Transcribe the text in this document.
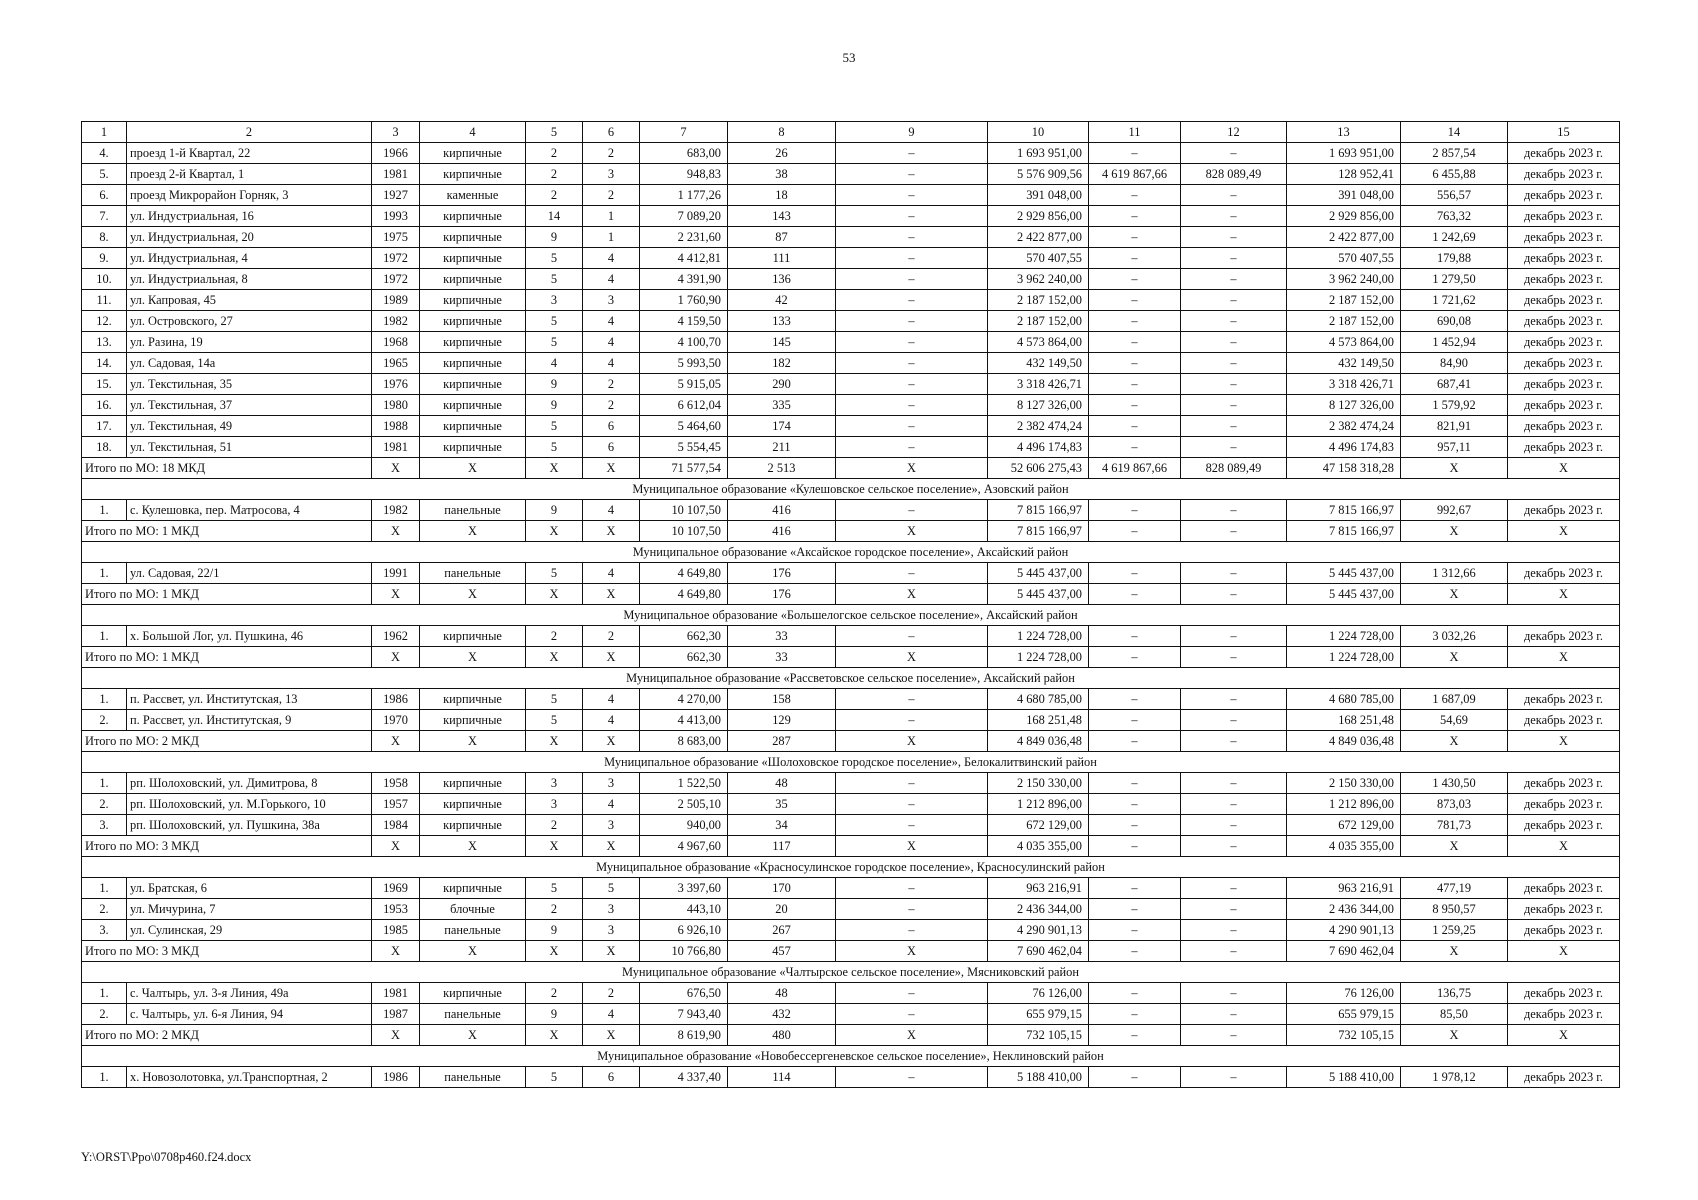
53
1	2	3	4	5	6	7	8	9	10	11	12	13	14	15
4.	проезд 1-й Квартал, 22	1966	кирпичные	2	2	683,00	26	–	1 693 951,00	–	–	1 693 951,00	2 857,54	декабрь 2023 г.
5.	проезд 2-й Квартал, 1	1981	кирпичные	2	3	948,83	38	–	5 576 909,56	4 619 867,66	828 089,49	128 952,41	6 455,88	декабрь 2023 г.
6.	проезд Микрорайон Горняк, 3	1927	каменные	2	2	1 177,26	18	–	391 048,00	–	–	391 048,00	556,57	декабрь 2023 г.
7.	ул. Индустриальная, 16	1993	кирпичные	14	1	7 089,20	143	–	2 929 856,00	–	–	2 929 856,00	763,32	декабрь 2023 г.
8.	ул. Индустриальная, 20	1975	кирпичные	9	1	2 231,60	87	–	2 422 877,00	–	–	2 422 877,00	1 242,69	декабрь 2023 г.
9.	ул. Индустриальная, 4	1972	кирпичные	5	4	4 412,81	111	–	570 407,55	–	–	570 407,55	179,88	декабрь 2023 г.
10.	ул. Индустриальная, 8	1972	кирпичные	5	4	4 391,90	136	–	3 962 240,00	–	–	3 962 240,00	1 279,50	декабрь 2023 г.
11.	ул. Капровая, 45	1989	кирпичные	3	3	1 760,90	42	–	2 187 152,00	–	–	2 187 152,00	1 721,62	декабрь 2023 г.
12.	ул. Островского, 27	1982	кирпичные	5	4	4 159,50	133	–	2 187 152,00	–	–	2 187 152,00	690,08	декабрь 2023 г.
13.	ул. Разина, 19	1968	кирпичные	5	4	4 100,70	145	–	4 573 864,00	–	–	4 573 864,00	1 452,94	декабрь 2023 г.
14.	ул. Садовая, 14а	1965	кирпичные	4	4	5 993,50	182	–	432 149,50	–	–	432 149,50	84,90	декабрь 2023 г.
15.	ул. Текстильная, 35	1976	кирпичные	9	2	5 915,05	290	–	3 318 426,71	–	–	3 318 426,71	687,41	декабрь 2023 г.
16.	ул. Текстильная, 37	1980	кирпичные	9	2	6 612,04	335	–	8 127 326,00	–	–	8 127 326,00	1 579,92	декабрь 2023 г.
17.	ул. Текстильная, 49	1988	кирпичные	5	6	5 464,60	174	–	2 382 474,24	–	–	2 382 474,24	821,91	декабрь 2023 г.
18.	ул. Текстильная, 51	1981	кирпичные	5	6	5 554,45	211	–	4 496 174,83	–	–	4 496 174,83	957,11	декабрь 2023 г.
Итого по МО: 18 МКД		X	X	X	X	71 577,54	2 513	X	52 606 275,43	4 619 867,66	828 089,49	47 158 318,28	X	X
Муниципальное образование «Кулешовское сельское поселение», Азовский район														
1.	с. Кулешовка, пер. Матросова, 4	1982	панельные	9	4	10 107,50	416	–	7 815 166,97	–	–	7 815 166,97	992,67	декабрь 2023 г.
Итого по МО: 1 МКД		X	X	X	X	10 107,50	416	X	7 815 166,97	–	–	7 815 166,97	X	X
Муниципальное образование «Аксайское городское поселение», Аксайский район														
1.	ул. Садовая, 22/1	1991	панельные	5	4	4 649,80	176	–	5 445 437,00	–	–	5 445 437,00	1 312,66	декабрь 2023 г.
Итого по МО: 1 МКД		X	X	X	X	4 649,80	176	X	5 445 437,00	–	–	5 445 437,00	X	X
Муниципальное образование «Большелогское сельское поселение», Аксайский район														
1.	х. Большой Лог, ул. Пушкина, 46	1962	кирпичные	2	2	662,30	33	–	1 224 728,00	–	–	1 224 728,00	3 032,26	декабрь 2023 г.
Итого по МО: 1 МКД		X	X	X	X	662,30	33	X	1 224 728,00	–	–	1 224 728,00	X	X
Муниципальное образование «Рассветовское сельское поселение», Аксайский район														
1.	п. Рассвет, ул. Институтская, 13	1986	кирпичные	5	4	4 270,00	158	–	4 680 785,00	–	–	4 680 785,00	1 687,09	декабрь 2023 г.
2.	п. Рассвет, ул. Институтская, 9	1970	кирпичные	5	4	4 413,00	129	–	168 251,48	–	–	168 251,48	54,69	декабрь 2023 г.
Итого по МО: 2 МКД		X	X	X	X	8 683,00	287	X	4 849 036,48	–	–	4 849 036,48	X	X
Муниципальное образование «Шолоховское городское поселение», Белокалитвинский район														
1.	рп. Шолоховский, ул. Димитрова, 8	1958	кирпичные	3	3	1 522,50	48	–	2 150 330,00	–	–	2 150 330,00	1 430,50	декабрь 2023 г.
2.	рп. Шолоховский, ул. М.Горького, 10	1957	кирпичные	3	4	2 505,10	35	–	1 212 896,00	–	–	1 212 896,00	873,03	декабрь 2023 г.
3.	рп. Шолоховский, ул. Пушкина, 38а	1984	кирпичные	2	3	940,00	34	–	672 129,00	–	–	672 129,00	781,73	декабрь 2023 г.
Итого по МО: 3 МКД		X	X	X	X	4 967,60	117	X	4 035 355,00	–	–	4 035 355,00	X	X
Муниципальное образование «Красносулинское городское поселение», Красносулинский район														
1.	ул. Братская, 6	1969	кирпичные	5	5	3 397,60	170	–	963 216,91	–	–	963 216,91	477,19	декабрь 2023 г.
2.	ул. Мичурина, 7	1953	блочные	2	3	443,10	20	–	2 436 344,00	–	–	2 436 344,00	8 950,57	декабрь 2023 г.
3.	ул. Сулинская, 29	1985	панельные	9	3	6 926,10	267	–	4 290 901,13	–	–	4 290 901,13	1 259,25	декабрь 2023 г.
Итого по МО: 3 МКД		X	X	X	X	10 766,80	457	X	7 690 462,04	–	–	7 690 462,04	X	X
Муниципальное образование «Чалтырское сельское поселение», Мясниковский район														
1.	с. Чалтырь, ул. 3-я Линия, 49а	1981	кирпичные	2	2	676,50	48	–	76 126,00	–	–	76 126,00	136,75	декабрь 2023 г.
2.	с. Чалтырь, ул. 6-я Линия, 94	1987	панельные	9	4	7 943,40	432	–	655 979,15	–	–	655 979,15	85,50	декабрь 2023 г.
Итого по МО: 2 МКД		X	X	X	X	8 619,90	480	X	732 105,15	–	–	732 105,15	X	X
Муниципальное образование «Новобессергеневское сельское поселение», Неклиновский район														
1.	х. Новозолотовка, ул.Транспортная, 2	1986	панельные	5	6	4 337,40	114	–	5 188 410,00	–	–	5 188 410,00	1 978,12	декабрь 2023 г.
Y:\ORST\Ppo\0708p460.f24.docx
